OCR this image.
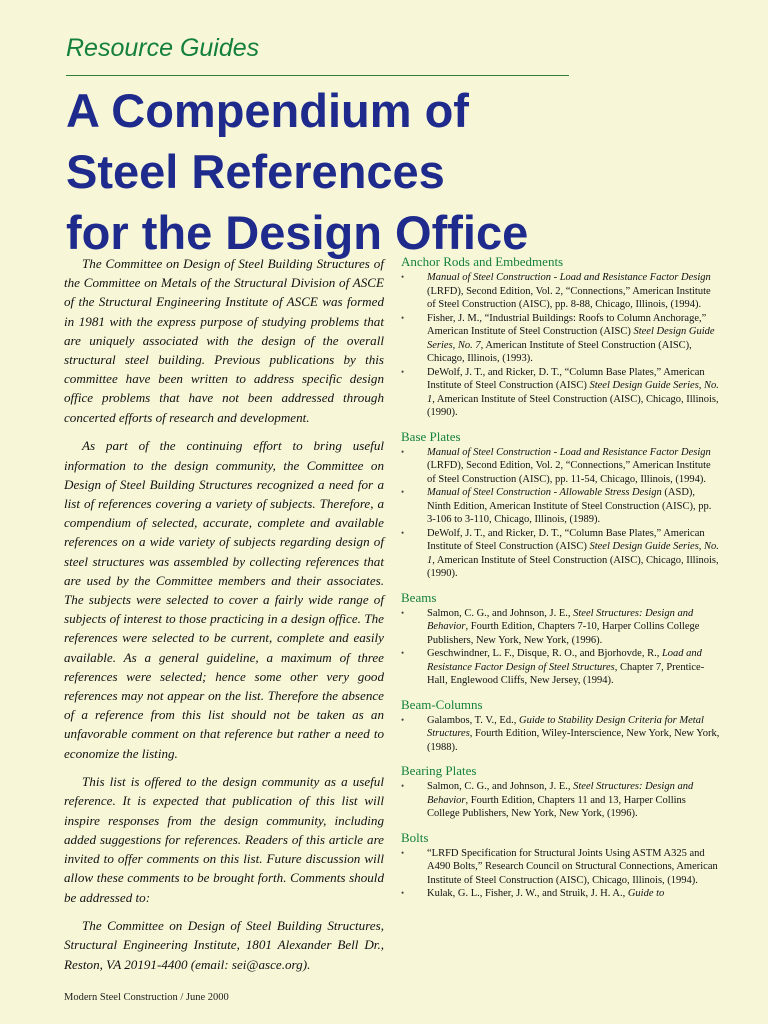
Resource Guides
A Compendium of
Steel References
for the Design Office

The Committee on Design of Steel Building Structures of the Committee on Metals of the Structural Division of ASCE of the Structural Engineering Institute of ASCE was formed in 1981 with the express purpose of studying problems that are uniquely associated with the design of the overall structural steel building. Previous publications by this committee have been written to address specific design office problems that have not been addressed through concerted efforts of research and development.

As part of the continuing effort to bring useful information to the design community, the Committee on Design of Steel Building Structures recognized a need for a list of references covering a variety of subjects. Therefore, a compendium of selected, accurate, complete and available references on a wide variety of subjects regarding design of steel structures was assembled by collecting references that are used by the Committee members and their associates. The subjects were selected to cover a fairly wide range of subjects of interest to those practicing in a design office. The references were selected to be current, complete and easily available. As a general guideline, a maximum of three references were selected; hence some other very good references may not appear on the list. Therefore the absence of a reference from this list should not be taken as an unfavorable comment on that reference but rather a need to economize the listing.

This list is offered to the design community as a useful reference. It is expected that publication of this list will inspire responses from the design community, including added suggestions for references. Readers of this article are invited to offer comments on this list. Future discussion will allow these comments to be brought forth. Comments should be addressed to:

The Committee on Design of Steel Building Structures, Structural Engineering Institute, 1801 Alexander Bell Dr., Reston, VA 20191-4400 (email: sei@asce.org).

Anchor Rods and Embedments
•	Manual of Steel Construction - Load and Resistance Factor Design (LRFD), Second Edition, Vol. 2, “Connections,” American Institute of Steel Construction (AISC), pp. 8-88, Chicago, Illinois, (1994).
•	Fisher, J. M., “Industrial Buildings: Roofs to Column Anchorage,” American Institute of Steel Construction (AISC) Steel Design Guide Series, No. 7, American Institute of Steel Construction (AISC), Chicago, Illinois, (1993).
•	DeWolf, J. T., and Ricker, D. T., “Column Base Plates,” American Institute of Steel Construction (AISC) Steel Design Guide Series, No. 1, American Institute of Steel Construction (AISC), Chicago, Illinois, (1990).
Base Plates
•	Manual of Steel Construction - Load and Resistance Factor Design (LRFD), Second Edition, Vol. 2, “Connections,” American Institute of Steel Construction (AISC), pp. 11-54, Chicago, Illinois, (1994).
•	Manual of Steel Construction - Allowable Stress Design (ASD), Ninth Edition, American Institute of Steel Construction (AISC), pp. 3-106 to 3-110, Chicago, Illinois, (1989).
•	DeWolf, J. T., and Ricker, D. T., “Column Base Plates,” American Institute of Steel Construction (AISC) Steel Design Guide Series, No. 1, American Institute of Steel Construction (AISC), Chicago, Illinois, (1990).
Beams
•	Salmon, C. G., and Johnson, J. E., Steel Structures: Design and Behavior, Fourth Edition, Chapters 7-10, Harper Collins College Publishers, New York, New York, (1996).
•	Geschwindner, L. F., Disque, R. O., and Bjorhovde, R., Load and Resistance Factor Design of Steel Structures, Chapter 7, Prentice-Hall, Englewood Cliffs, New Jersey, (1994).
Beam-Columns
•	Galambos, T. V., Ed., Guide to Stability Design Criteria for Metal Structures, Fourth Edition, Wiley-Interscience, New York, New York, (1988).
Bearing Plates
•	Salmon, C. G., and Johnson, J. E., Steel Structures: Design and Behavior, Fourth Edition, Chapters 11 and 13, Harper Collins College Publishers, New York, New York, (1996).
Bolts
•	“LRFD Specification for Structural Joints Using ASTM A325 and A490 Bolts,” Research Council on Structural Connections, American Institute of Steel Construction (AISC), Chicago, Illinois, (1994).
•	Kulak, G. L., Fisher, J. W., and Struik, J. H. A., Guide to
Modern Steel Construction / June 2000
